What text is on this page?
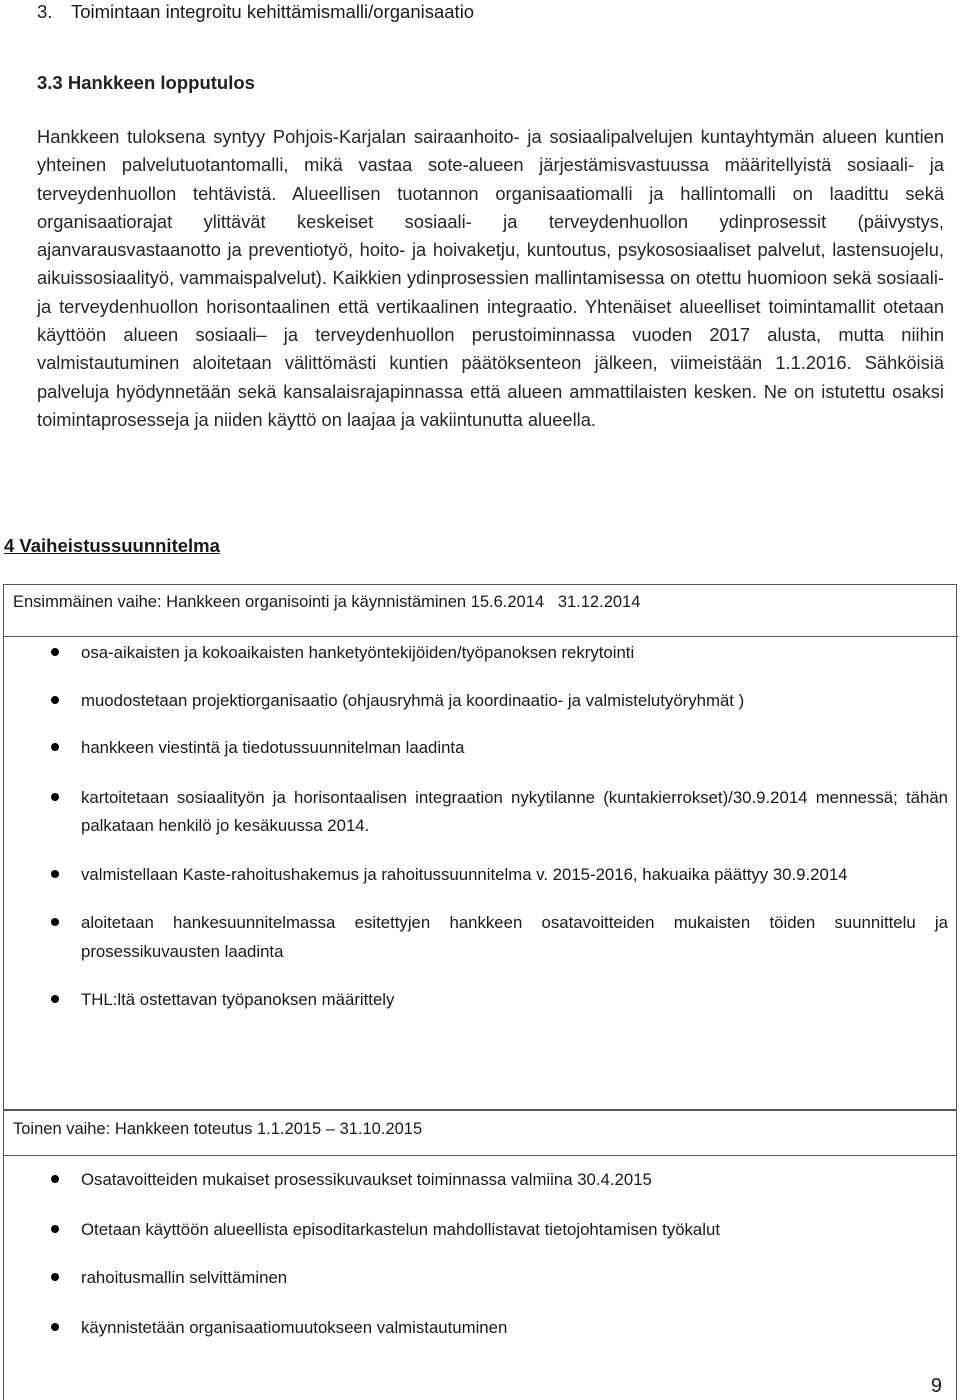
3. Toimintaan integroitu kehittämismalli/organisaatio
3.3 Hankkeen lopputulos
Hankkeen tuloksena syntyy Pohjois-Karjalan sairaanhoito- ja sosiaalipalvelujen kuntayhtymän alueen kuntien yhteinen palvelutuotantomalli, mikä vastaa sote-alueen järjestämisvastuussa määritellyistä sosiaali- ja terveydenhuollon tehtävistä. Alueellisen tuotannon organisaatiomalli ja hallintomalli on laadittu sekä organisaatiorajat ylittävät keskeiset sosiaali- ja terveydenhuollon ydinprosessit (päivystys, ajanvarausvastaanotto ja preventiotyö, hoito- ja hoivaketju, kuntoutus, psykososiaaliset palvelut, lastensuojelu, aikuissosiaalityö, vammaispalvelut). Kaikkien ydinprosessien mallintamisessa on otettu huomioon sekä sosiaali- ja terveydenhuollon horisontaalinen että vertikaalinen integraatio. Yhtenäiset alueelliset toimintamallit otetaan käyttöön alueen sosiaali– ja terveydenhuollon perustoiminnassa vuoden 2017 alusta, mutta niihin valmistautuminen aloitetaan välittömästi kuntien päätöksenteon jälkeen, viimeistään 1.1.2016. Sähköisiä palveluja hyödynnetään sekä kansalaisrajapinnassa että alueen ammattilaisten kesken. Ne on istutettu osaksi toimintaprosesseja ja niiden käyttö on laajaa ja vakiintunutta alueella.
4 Vaiheistussuunnitelma
Ensimmäinen vaihe: Hankkeen organisointi ja käynnistäminen 15.6.2014   31.12.2014
osa-aikaisten ja kokoaikaisten hanketyöntekijöiden/työpanoksen rekrytointi
muodostetaan projektiorganisaatio (ohjausryhmä ja koordinaatio- ja valmistelutyöryhmät )
hankkeen viestintä ja tiedotussuunnitelman laadinta
kartoitetaan sosiaalityön ja horisontaalisen integraation nykytilanne (kuntakierrokset)/30.9.2014 mennessä; tähän palkataan henkilö jo kesäkuussa 2014.
valmistellaan Kaste-rahoitushakemus ja rahoitussuunnitelma v. 2015-2016, hakuaika päättyy 30.9.2014
aloitetaan hankesuunnitelmassa esitettyjen hankkeen osatavoitteiden mukaisten töiden suunnittelu ja prosessikuvausten laadinta
THL:ltä ostettavan työpanoksen määrittely
Toinen vaihe: Hankkeen toteutus 1.1.2015 – 31.10.2015
Osatavoitteiden mukaiset prosessikuvaukset toiminnassa valmiina 30.4.2015
Otetaan käyttöön alueellista episoditarkastelun mahdollistavat tietojohtamisen työkalut
rahoitusmallin selvittäminen
käynnistetään organisaatiomuutokseen valmistautuminen
9
